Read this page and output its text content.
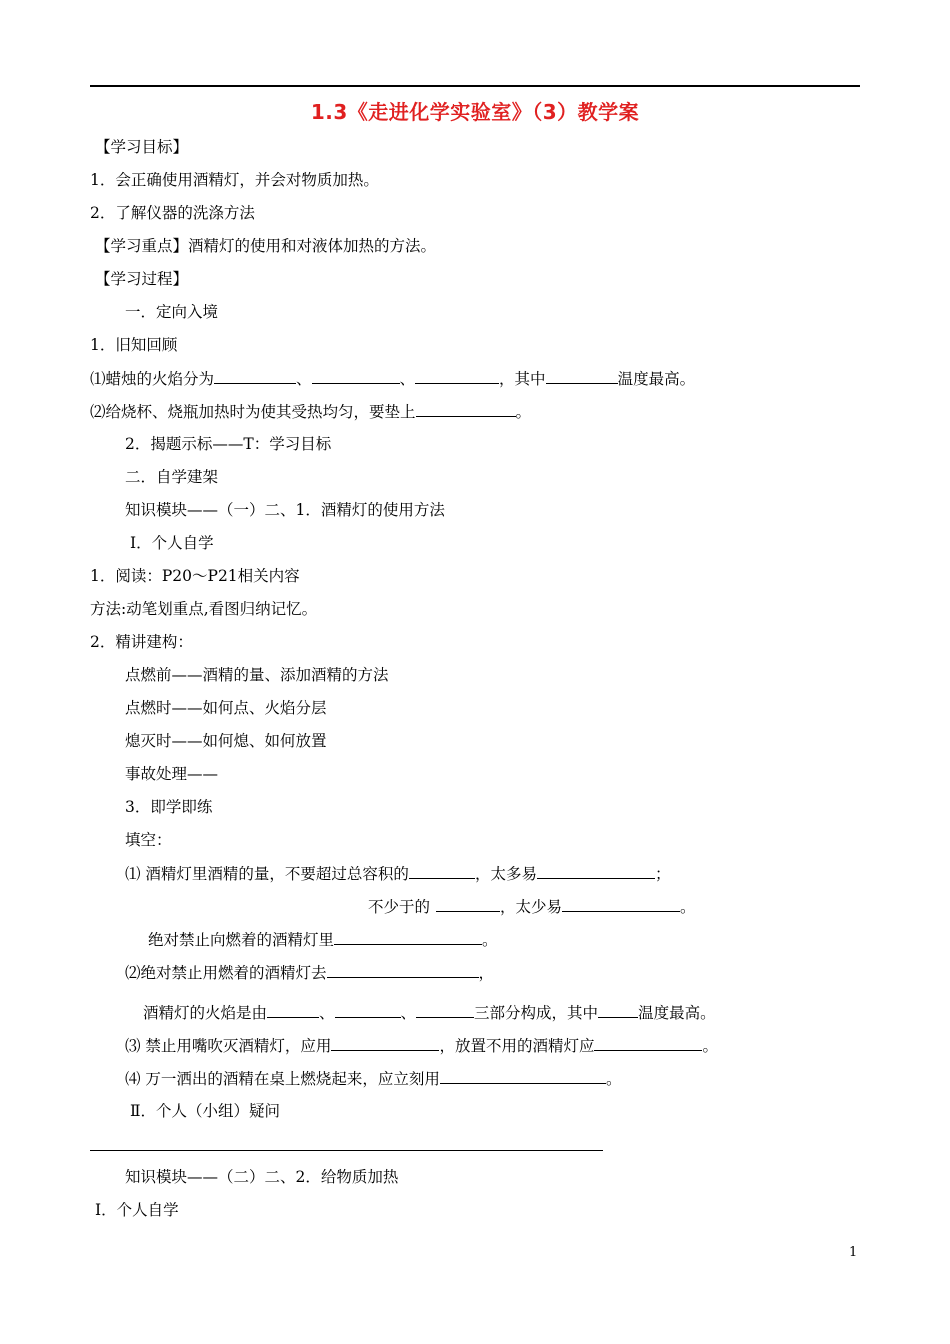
1.3《走进化学实验室》（3）教学案
【学习目标】
1．会正确使用酒精灯，并会对物质加热。
2．了解仪器的洗涤方法
【学习重点】酒精灯的使用和对液体加热的方法。
【学习过程】
一．定向入境
1．旧知回顾
⑴蜡烛的火焰分为	、	、	，其中	温度最高。
⑵给烧杯、烧瓶加热时为使其受热均匀，要垫上	。
2．揭题示标——T：学习目标
二．自学建架
知识模块——（一）二、1．酒精灯的使用方法
Ⅰ．个人自学
1．阅读：P20～P21相关内容
方法:动笔划重点,看图归纳记忆。
2．精讲建构：
点燃前——酒精的量、添加酒精的方法
点燃时——如何点、火焰分层
熄灭时——如何熄、如何放置
事故处理——
3．即学即练
填空：
⑴ 酒精灯里酒精的量，不要超过总容积的	，太多易	；
不少于的	，太少易	。
绝对禁止向燃着的酒精灯里	。
⑵绝对禁止用燃着的酒精灯去	，
酒精灯的火焰是由	、	、	三部分构成，其中	温度最高。
⑶ 禁止用嘴吹灭酒精灯，应用	，放置不用的酒精灯应	。
⑷ 万一洒出的酒精在桌上燃烧起来，应立刻用	。
Ⅱ．个人（小组）疑问
知识模块——（二）二、2．给物质加热
Ⅰ．个人自学
1
